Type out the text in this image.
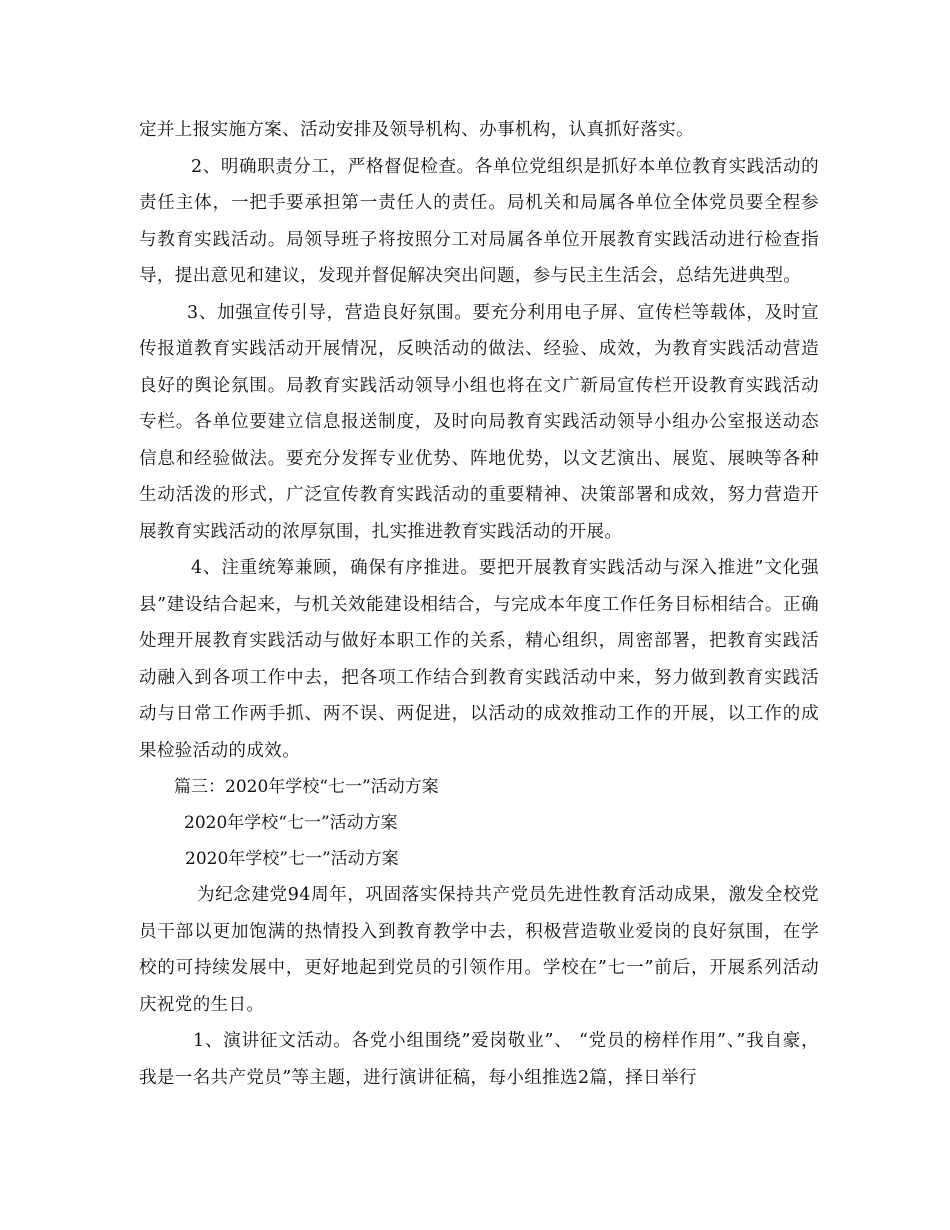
定并上报实施方案、活动安排及领导机构、办事机构，认真抓好落实。

2、明确职责分工，严格督促检查。各单位党组织是抓好本单位教育实践活动的责任主体，一把手要承担第一责任人的责任。局机关和局属各单位全体党员要全程参与教育实践活动。局领导班子将按照分工对局属各单位开展教育实践活动进行检查指导，提出意见和建议，发现并督促解决突出问题，参与民主生活会，总结先进典型。

3、加强宣传引导，营造良好氛围。要充分利用电子屏、宣传栏等载体，及时宣传报道教育实践活动开展情况，反映活动的做法、经验、成效，为教育实践活动营造良好的舆论氛围。局教育实践活动领导小组也将在文广新局宣传栏开设教育实践活动专栏。各单位要建立信息报送制度，及时向局教育实践活动领导小组办公室报送动态信息和经验做法。要充分发挥专业优势、阵地优势，以文艺演出、展览、展映等各种生动活泼的形式，广泛宣传教育实践活动的重要精神、决策部署和成效，努力营造开展教育实践活动的浓厚氛围，扎实推进教育实践活动的开展。

4、注重统筹兼顾，确保有序推进。要把开展教育实践活动与深入推进”文化强县”建设结合起来，与机关效能建设相结合，与完成本年度工作任务目标相结合。正确处理开展教育实践活动与做好本职工作的关系，精心组织，周密部署，把教育实践活动融入到各项工作中去，把各项工作结合到教育实践活动中来，努力做到教育实践活动与日常工作两手抓、两不误、两促进，以活动的成效推动工作的开展，以工作的成果检验活动的成效。

篇三：2020年学校“七一”活动方案

2020年学校“七一”活动方案

2020年学校”七一”活动方案

为纪念建党94周年，巩固落实保持共产党员先进性教育活动成果，激发全校党员干部以更加饱满的热情投入到教育教学中去，积极营造敬业爱岗的良好氛围，在学校的可持续发展中，更好地起到党员的引领作用。学校在”七一”前后，开展系列活动庆祝党的生日。

1、演讲征文活动。各党小组围绕”爱岗敬业”、 “党员的榜样作用”、”我自豪，我是一名共产党员”等主题，进行演讲征稿，每小组推选2篇，择日举行
